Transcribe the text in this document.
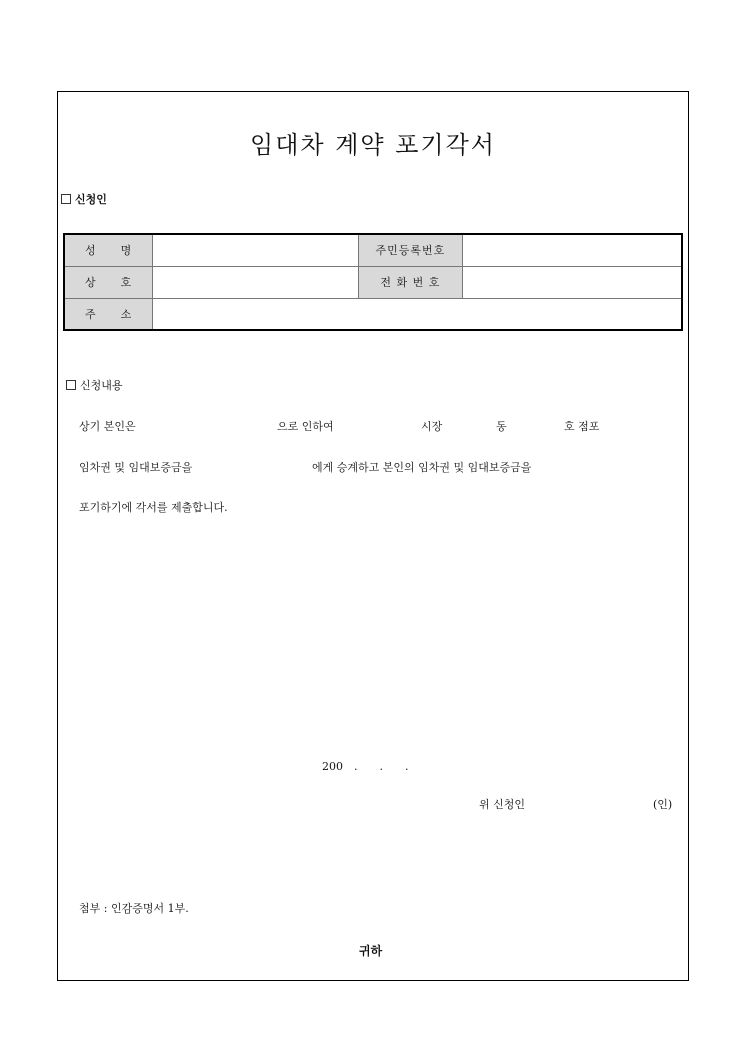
임대차 계약 포기각서
신청인
성　　명		주민등록번호	
상　　호		전 화 번 호	
주　　소			
신청내용
상기 본인은	으로 인하여	시장	동	호 점포
임차권 및 임대보증금을	에게 승계하고 본인의 임차권 및 임대보증금을
포기하기에 각서를 제출합니다.
200　.　　.　　.
위 신청인	(인)
첨부 : 인감증명서 1부.
귀하
